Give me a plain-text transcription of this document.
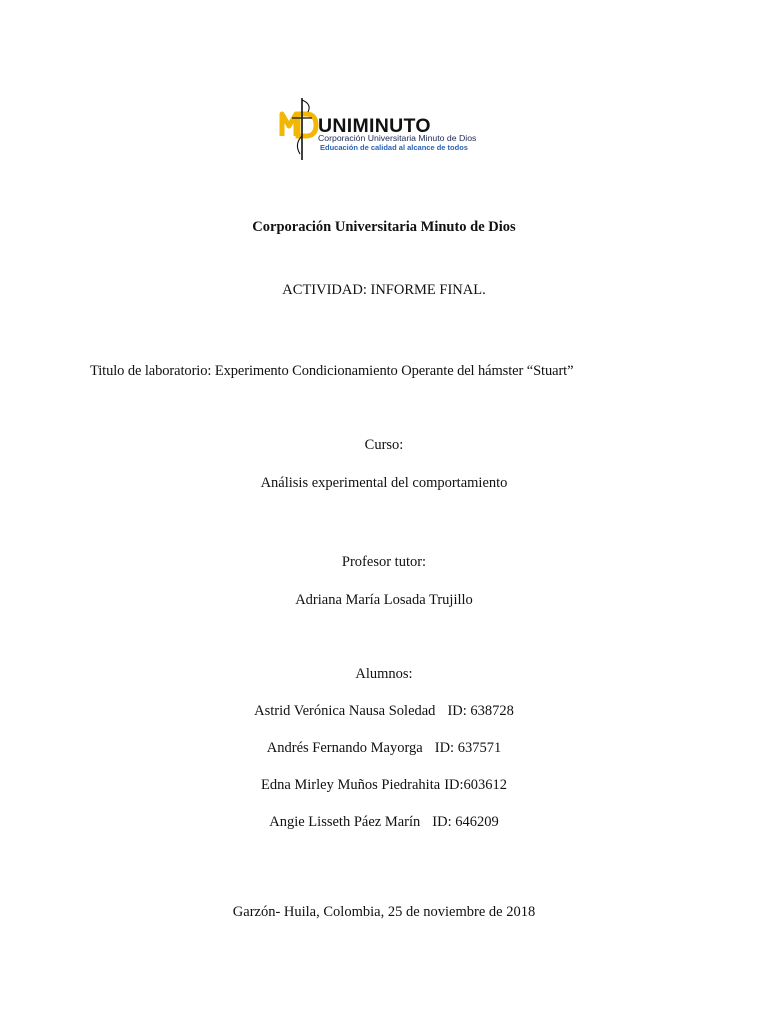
UNIMINUTO
Corporación Universitaria Minuto de Dios
Educación de calidad al alcance de todos
Corporación Universitaria Minuto de Dios
ACTIVIDAD: INFORME FINAL.
Titulo de laboratorio: Experimento Condicionamiento Operante del hámster “Stuart”
Curso:
Análisis experimental del comportamiento
Profesor tutor:
Adriana María Losada Trujillo
Alumnos:
Astrid Verónica Nausa Soledad ID: 638728
Andrés Fernando Mayorga ID: 637571
Edna Mirley Muños Piedrahita ID:603612
Angie Lisseth Páez Marín ID: 646209
Garzón- Huila, Colombia, 25 de noviembre de 2018
